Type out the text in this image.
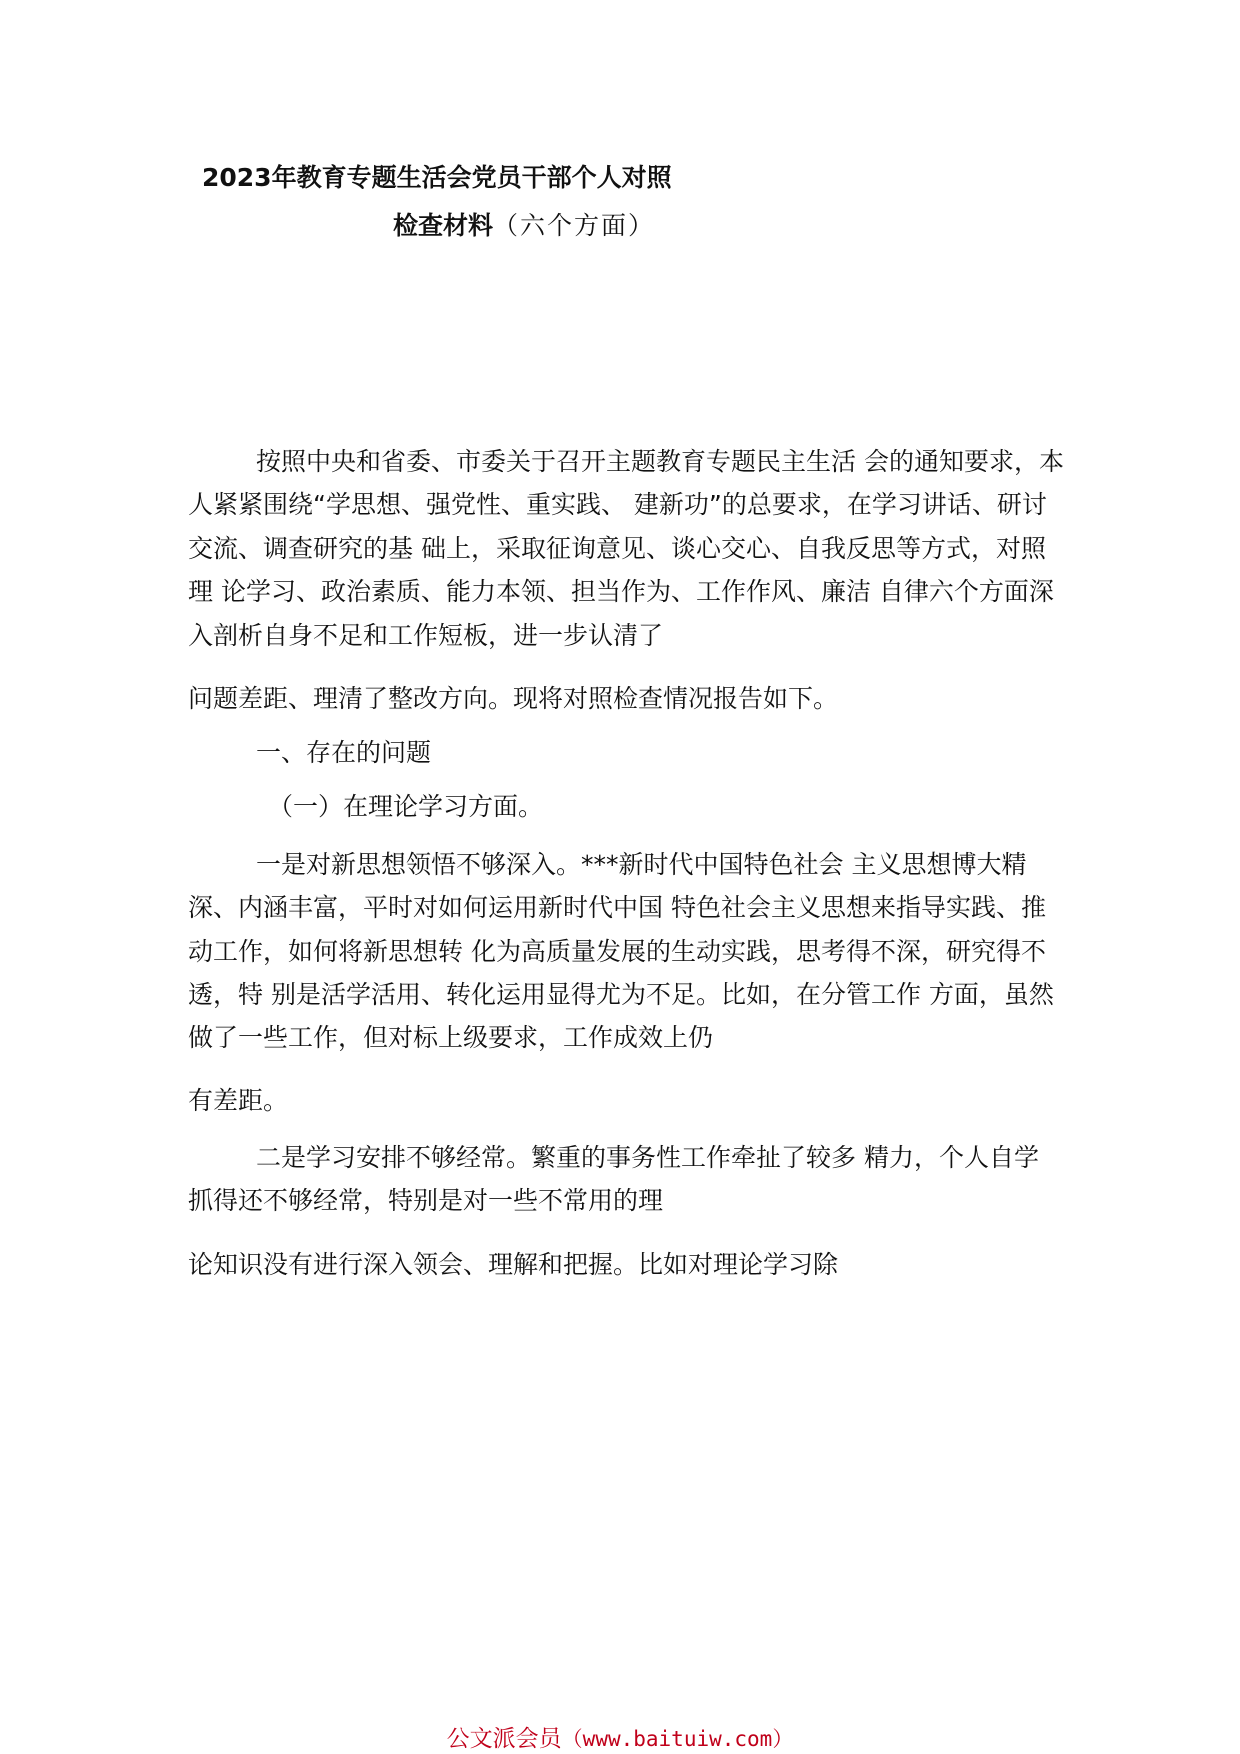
2023年教育专题生活会党员干部个人对照
检查材料（六个方面）
按照中央和省委、市委关于召开主题教育专题民主生活 会的通知要求，本
人紧紧围绕“学思想、强党性、重实践、 建新功”的总要求，在学习讲话、研讨
交流、调查研究的基 础上，采取征询意见、谈心交心、自我反思等方式，对照
理 论学习、政治素质、能力本领、担当作为、工作作风、廉洁 自律六个方面深
入剖析自身不足和工作短板，进一步认清了
问题差距、理清了整改方向。现将对照检查情况报告如下。
一、存在的问题
（一）在理论学习方面。
一是对新思想领悟不够深入。***新时代中国特色社会 主义思想博大精
深、内涵丰富，平时对如何运用新时代中国 特色社会主义思想来指导实践、推
动工作，如何将新思想转 化为高质量发展的生动实践，思考得不深，研究得不
透，特 别是活学活用、转化运用显得尤为不足。比如，在分管工作 方面，虽然
做了一些工作，但对标上级要求，工作成效上仍
有差距。
二是学习安排不够经常。繁重的事务性工作牵扯了较多 精力，个人自学
抓得还不够经常，特别是对一些不常用的理
论知识没有进行深入领会、理解和把握。比如对理论学习除
公文派会员（www.baituiw.com）
